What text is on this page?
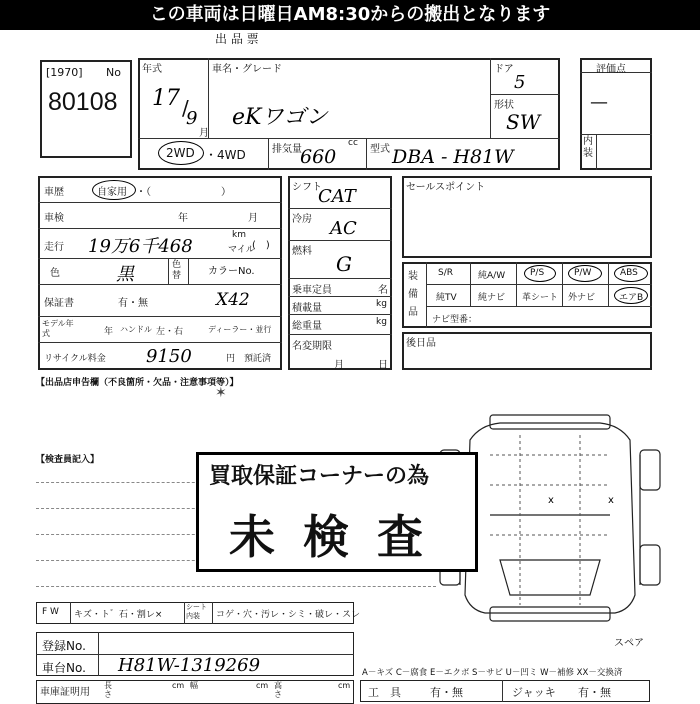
この車両は日曜日AM8:30からの搬出となります
出 品 票
[1970] No
80108
年式
17 /
9
月
車名・グレード
eKワゴン
ドア
5
形状
SW
2WD ・4WD	排気量
cc
660	型式 DBA - H81W
評価点
—
内装
車歴	自家用 ・（　　　　　　　）
車検	年	月
走行 19万6千468
km
マイル
(　)
色	黒	色替	カラーNo.
保証書	有・無	X42
モデル年式	年 ハンドル 左・右	ディーラー・並行
リサイクル料金 9150	円 預託済
シフト
CAT
冷房 AC
燃料
G
乗車定員	名
積載量	kg
総重量	kg
名変期限
月	日
セールスポイント
装備品
S/R	純A/W	P/S	P/W	ABS
純TV 純ナビ 革シート 外ナビ	エアB
ナビ型番：
後日品
【出品店申告欄（不良箇所・欠品・注意事項等）】
✶
【検査員記入】
x	x
スペア
買取保証コーナーの為
未 検 査
F W キズ・ト゛石・割レ×
シート内装	コゲ・穴・汚レ・シミ・破レ・スレ
登録No.
車台No. H81W-1319269
車庫証明用
長さ
cm 幅	cm 高さ
cm
A－キズ C－腐食 E－エクボ S－サビ U－凹ミ W－補修 XX－交換済
工　具	有・無	ジャッキ 有・無
